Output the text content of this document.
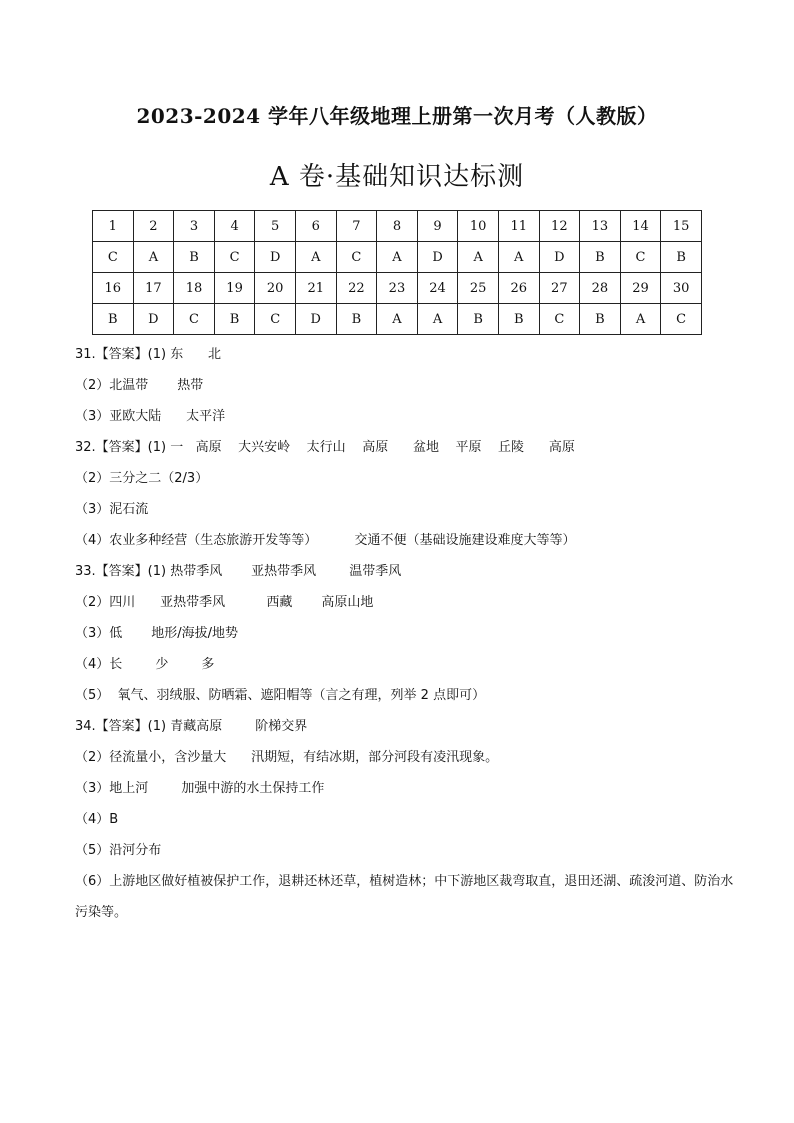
2023-2024 学年八年级地理上册第一次月考（人教版）
A 卷·基础知识达标测
1	2	3	4	5	6	7	8	9	10	11	12	13	14	15
C	A	B	C	D	A	C	A	D	A	A	D	B	C	B
16	17	18	19	20	21	22	23	24	25	26	27	28	29	30
B	D	C	B	C	D	B	A	A	B	B	C	B	A	C
31.【答案】(1) 东      北
（2）北温带       热带
（3）亚欧大陆      太平洋
32.【答案】(1) 一   高原    大兴安岭    太行山    高原      盆地    平原    丘陵      高原
（2）三分之二（2/3）
（3）泥石流
（4）农业多种经营（生态旅游开发等等）         交通不便（基础设施建设难度大等等）
33.【答案】(1) 热带季风       亚热带季风        温带季风
（2）四川      亚热带季风          西藏       高原山地
（3）低       地形/海拔/地势
（4）长        少        多
（5）  氧气、羽绒服、防晒霜、遮阳帽等（言之有理，列举 2 点即可）
34.【答案】(1) 青藏高原        阶梯交界
（2）径流量小，含沙量大      汛期短，有结冰期，部分河段有凌汛现象。
（3）地上河        加强中游的水土保持工作
（4）B
（5）沿河分布
（6）上游地区做好植被保护工作，退耕还林还草，植树造林；中下游地区裁弯取直，退田还湖、疏浚河道、防治水污染等。
